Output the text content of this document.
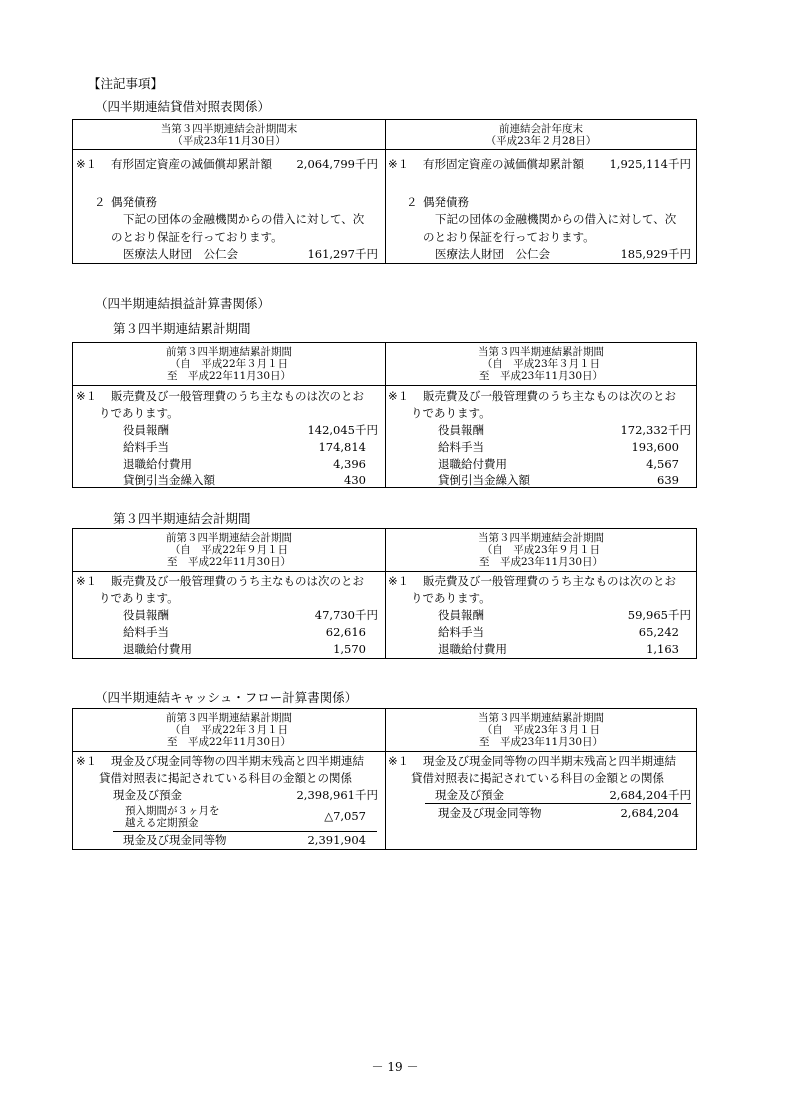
【注記事項】
（四半期連結貸借対照表関係）
当第３四半期連結会計期間末
（平成23年11月30日）
前連結会計年度末
（平成23年２月28日）
※１ 有形固定資産の減価償却累計額 2,064,799千円
２ 偶発債務
下記の団体の金融機関からの借入に対して、次
のとおり保証を行っております。
医療法人財団　公仁会	161,297千円
※１ 有形固定資産の減価償却累計額 1,925,114千円
２ 偶発債務
下記の団体の金融機関からの借入に対して、次
のとおり保証を行っております。
医療法人財団　公仁会	185,929千円
（四半期連結損益計算書関係）
第３四半期連結累計期間
前第３四半期連結累計期間
（自　平成22年３月１日
至　平成22年11月30日）
当第３四半期連結累計期間
（自　平成23年３月１日
至　平成23年11月30日）
※１ 販売費及び一般管理費のうち主なものは次のとお
りであります。
役員報酬	142,045千円
給料手当	174,814
退職給付費用	4,396
貸倒引当金繰入額	430
※１ 販売費及び一般管理費のうち主なものは次のとお
りであります。
役員報酬	172,332千円
給料手当	193,600
退職給付費用	4,567
貸倒引当金繰入額	639
第３四半期連結会計期間
前第３四半期連結会計期間
（自　平成22年９月１日
至　平成22年11月30日）
当第３四半期連結会計期間
（自　平成23年９月１日
至　平成23年11月30日）
※１ 販売費及び一般管理費のうち主なものは次のとお
りであります。
役員報酬	47,730千円
給料手当	62,616
退職給付費用	1,570
※１ 販売費及び一般管理費のうち主なものは次のとお
りであります。
役員報酬	59,965千円
給料手当	65,242
退職給付費用	1,163
（四半期連結キャッシュ・フロー計算書関係）
前第３四半期連結累計期間
（自　平成22年３月１日
至　平成22年11月30日）
当第３四半期連結累計期間
（自　平成23年３月１日
至　平成23年11月30日）
※１ 現金及び現金同等物の四半期末残高と四半期連結
貸借対照表に掲記されている科目の金額との関係
現金及び預金	2,398,961千円
預入期間が３ヶ月を
越える定期預金	△7,057
現金及び現金同等物	2,391,904
※１ 現金及び現金同等物の四半期末残高と四半期連結
貸借対照表に掲記されている科目の金額との関係
現金及び預金	2,684,204千円
現金及び現金同等物	2,684,204
－ 19 －
